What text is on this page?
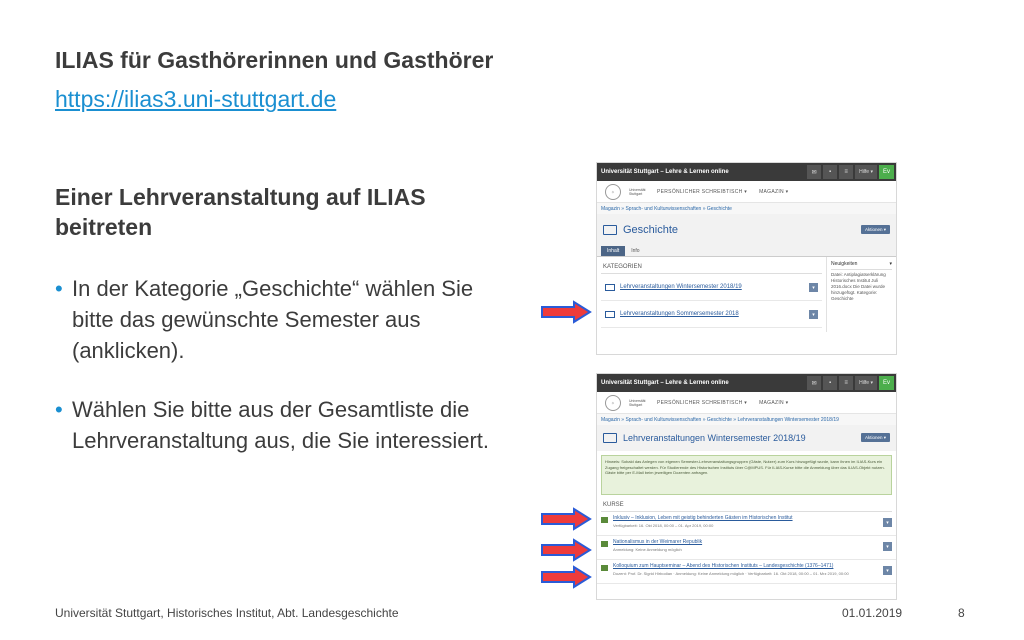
ILIAS für Gasthörerinnen und Gasthörer
https://ilias3.uni-stuttgart.de
Einer Lehrveranstaltung auf ILIAS beitreten
• In der Kategorie „Geschichte“ wählen Sie bitte das gewünschte Semester aus (anklicken).
• Wählen Sie bitte aus der Gesamtliste die Lehrveranstaltung aus, die Sie interessiert.
Universität Stuttgart – Lehre & Lernen online	✉	▪	≡	Hilfe ▾	Ev
☼	Universität Stuttgart	PERSÖNLICHER SCHREIBTISCH ▾ MAGAZIN ▾
Magazin » Sprach- und Kulturwissenschaften » Geschichte
Geschichte	Aktionen ▾
Inhalt	Info
KATEGORIEN
Lehrveranstaltungen Wintersemester 2018/19	▾
Lehrveranstaltungen Sommersemester 2018	▾
Neuigkeiten	▾
Datei: Antiplagiatserklärung Historisches Institut Juli 2016.docx Die Datei wurde hinzugefügt. Kategorie: Geschichte
Universität Stuttgart – Lehre & Lernen online	✉	▪	≡	Hilfe ▾	Ev
☼	Universität Stuttgart	PERSÖNLICHER SCHREIBTISCH ▾ MAGAZIN ▾
Magazin » Sprach- und Kulturwissenschaften » Geschichte » Lehrveranstaltungen Wintersemester 2018/19
Lehrveranstaltungen Wintersemester 2018/19	Aktionen ▾
Hinweis: Sobald das Anlegen von eigenen Semester-Lehrveranstaltungsgruppen (Gäste, Nutzer) zum Kurs hinzugefügt wurde, kann ihnen im ILIAS-Kurs ein Zugang freigeschaltet werden. Für Studierende des Historischen Instituts über C@MPUS. Für ILIAS-Kurse bitte die Anmeldung über das ILIAS-Objekt nutzen. Gäste bitte per E-Mail beim jeweiligen Dozenten anfragen.
KURSE
Inklusiv – Inklusion, Leben mit geistig behinderten Gästen im Historischen Institut
Verfügbarkeit: 16. Okt 2018, 00:00 – 01. Apr 2019, 00:00	▾
Nationalismus in der Weimarer Republik
Anmeldung: Keine Anmeldung möglich	▾
Kolloquium zum Hauptseminar – Abend des Historischen Instituts – Landesgeschichte (1376–1471)
Dozent: Prof. Dr. Sigrid Hirbodian · Anmeldung: Keine Anmeldung möglich · Verfügbarkeit: 16. Okt 2018, 00:00 – 01. Mrz 2019, 00:00	▾
Universität Stuttgart, Historisches Institut, Abt. Landesgeschichte	01.01.2019	8
